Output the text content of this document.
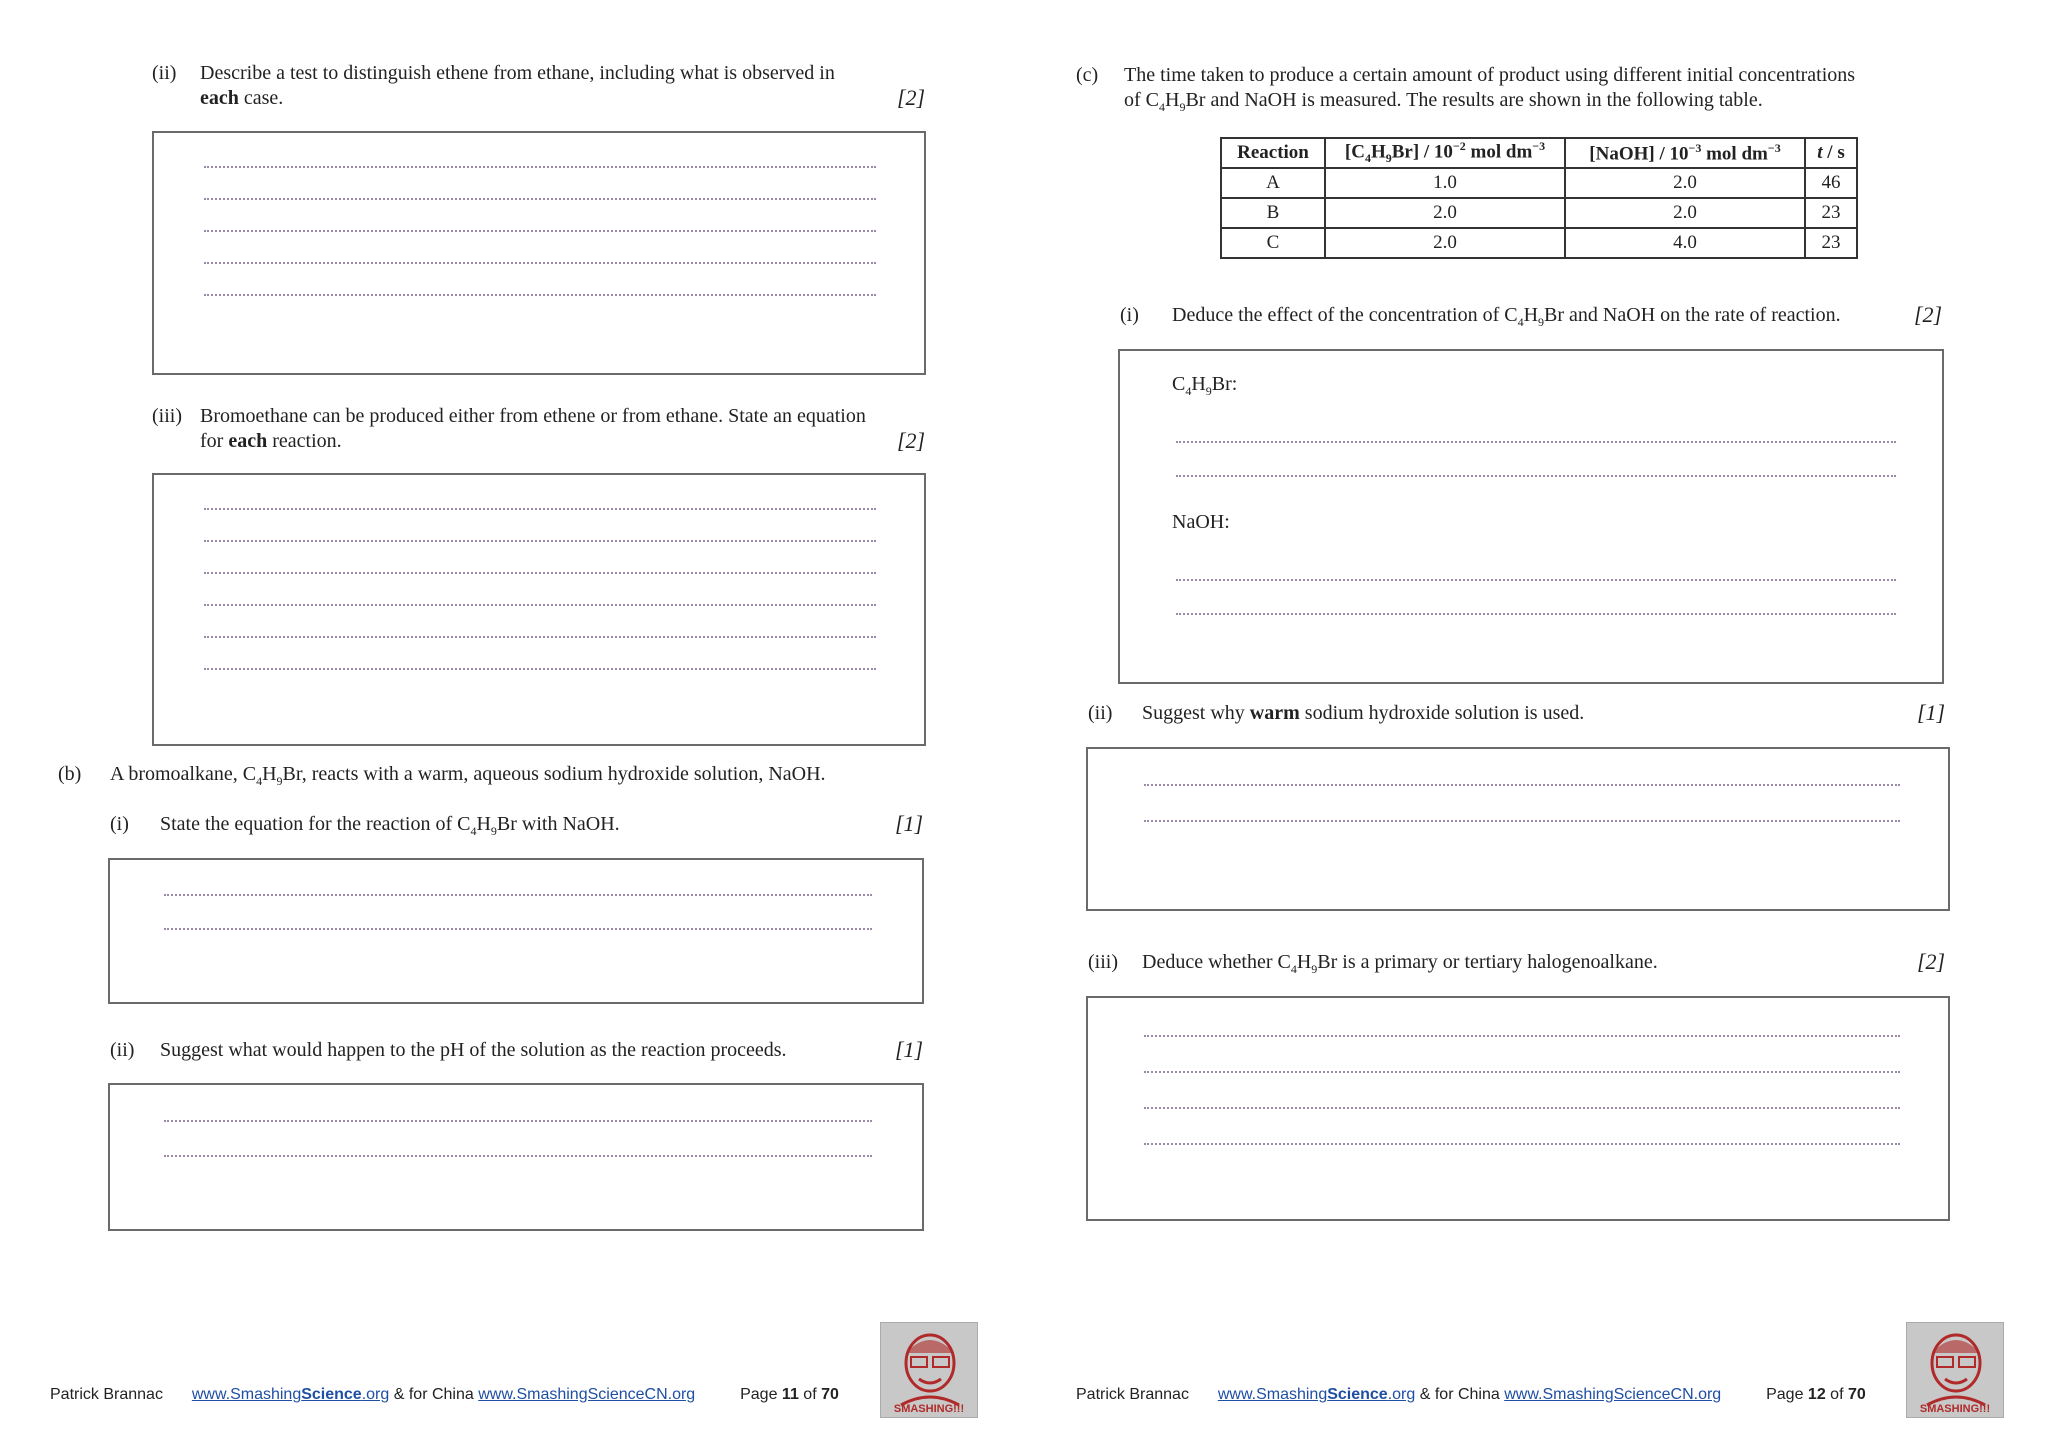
(ii) Describe a test to distinguish ethene from ethane, including what is observed in
each case.	[2]
(iii) Bromoethane can be produced either from ethene or from ethane. State an equation
for each reaction.	[2]
(b) A bromoalkane, $C_4H_9Br$, reacts with a warm, aqueous sodium hydroxide solution, NaOH.
(i) State the equation for the reaction of $C_4H_9Br$ with NaOH.	[1]
(ii) Suggest what would happen to the pH of the solution as the reaction proceeds.	[1]
Patrick Brannac www.SmashingScience.org & for China www.SmashingScienceCN.org	Page 11 of 70
SMASHING!!!
(c) The time taken to produce a certain amount of product using different initial concentrations
of $C_4H_9Br$ and NaOH is measured. The results are shown in the following table.
Reaction	$[C_4H_9Br] / 10^{-2}$ mol $dm^{-3}$	[NaOH] / $10^{-3}$ mol $dm^{-3}$	t / s
A	1.0	2.0	46
B	2.0	2.0	23
C	2.0	4.0	23
(i) Deduce the effect of the concentration of $C_4H_9Br$ and NaOH on the rate of reaction.	[2]
$C_4H_9Br$:
NaOH:
(ii) Suggest why warm sodium hydroxide solution is used.	[1]
(iii) Deduce whether $C_4H_9Br$ is a primary or tertiary halogenoalkane.	[2]
Patrick Brannac www.SmashingScience.org & for China www.SmashingScienceCN.org	Page 12 of 70
SMASHING!!!
